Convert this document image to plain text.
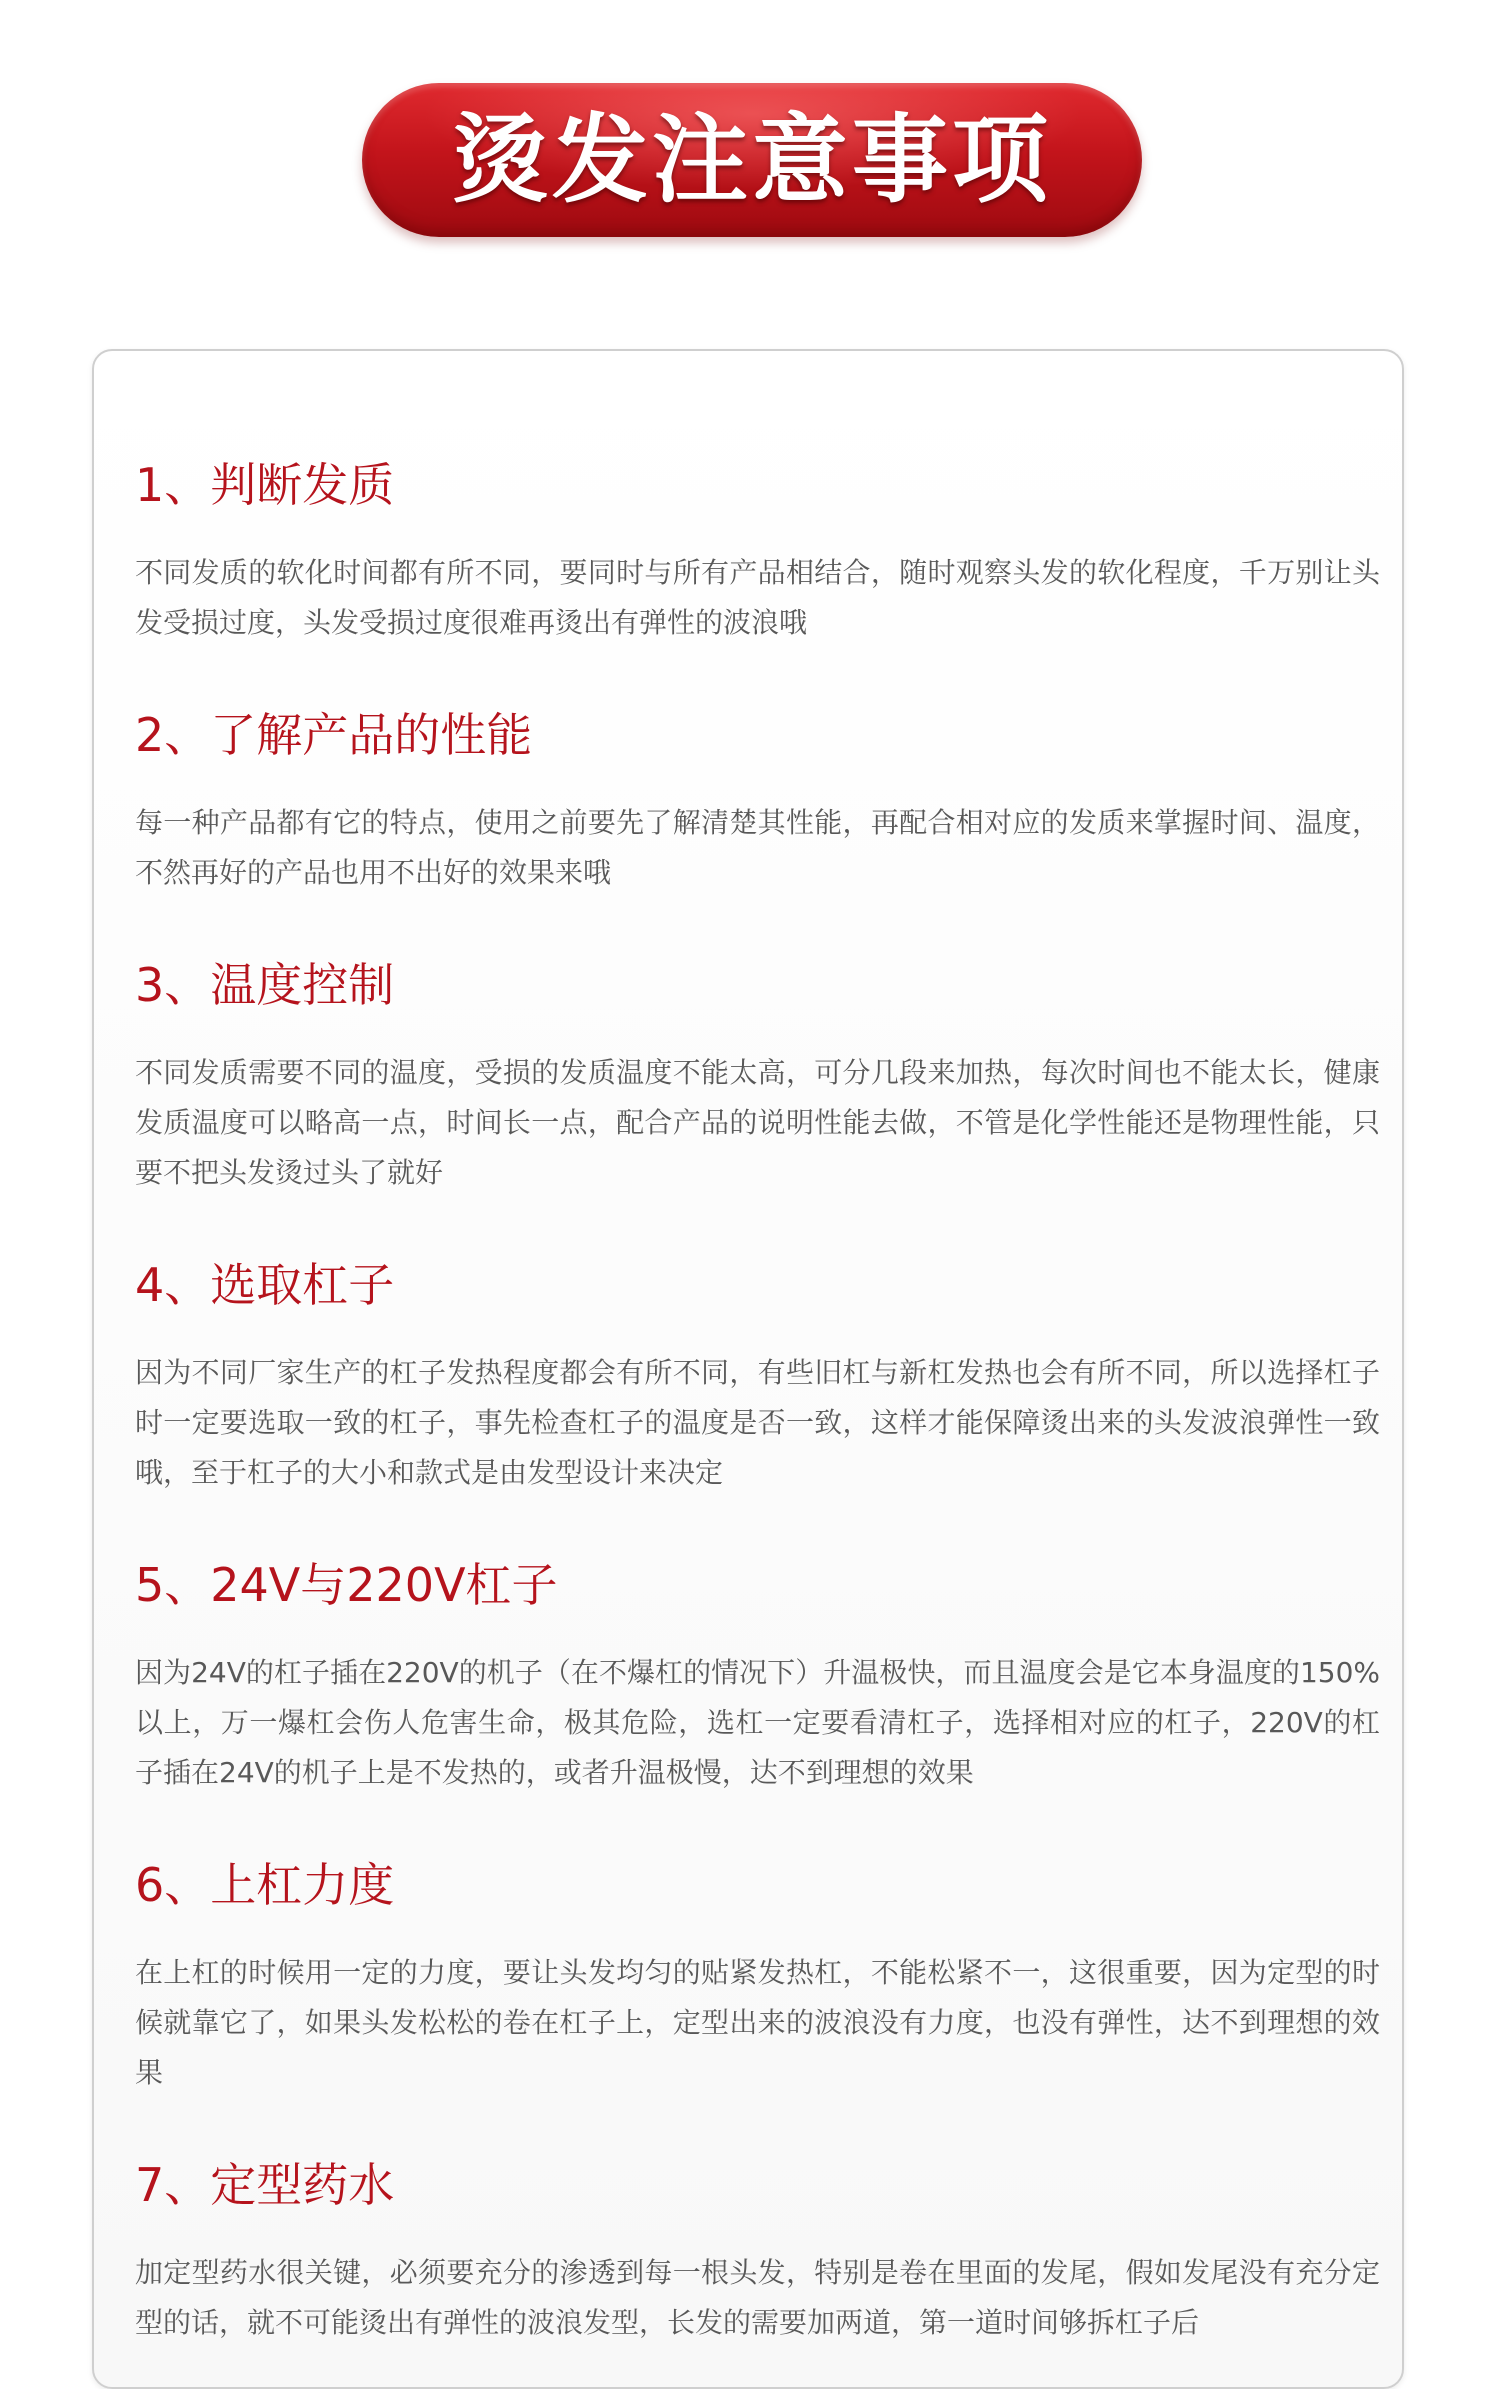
烫发注意事项
1、判断发质

不同发质的软化时间都有所不同，要同时与所有产品相结合，随时观察头发的软化程度，千万别让头发受损过度，头发受损过度很难再烫出有弹性的波浪哦

2、了解产品的性能

每一种产品都有它的特点，使用之前要先了解清楚其性能，再配合相对应的发质来掌握时间、温度，不然再好的产品也用不出好的效果来哦

3、温度控制

不同发质需要不同的温度，受损的发质温度不能太高，可分几段来加热，每次时间也不能太长，健康发质温度可以略高一点，时间长一点，配合产品的说明性能去做，不管是化学性能还是物理性能，只要不把头发烫过头了就好

4、选取杠子

因为不同厂家生产的杠子发热程度都会有所不同，有些旧杠与新杠发热也会有所不同，所以选择杠子时一定要选取一致的杠子，事先检查杠子的温度是否一致，这样才能保障烫出来的头发波浪弹性一致哦，至于杠子的大小和款式是由发型设计来决定

5、24V与220V杠子

因为24V的杠子插在220V的机子（在不爆杠的情况下）升温极快，而且温度会是它本身温度的150%以上，万一爆杠会伤人危害生命，极其危险，选杠一定要看清杠子，选择相对应的杠子，220V的杠子插在24V的机子上是不发热的，或者升温极慢，达不到理想的效果

6、上杠力度

在上杠的时候用一定的力度，要让头发均匀的贴紧发热杠，不能松紧不一，这很重要，因为定型的时候就靠它了，如果头发松松的卷在杠子上，定型出来的波浪没有力度，也没有弹性，达不到理想的效果

7、定型药水

加定型药水很关键，必须要充分的渗透到每一根头发，特别是卷在里面的发尾，假如发尾没有充分定型的话，就不可能烫出有弹性的波浪发型，长发的需要加两道，第一道时间够拆杠子后
